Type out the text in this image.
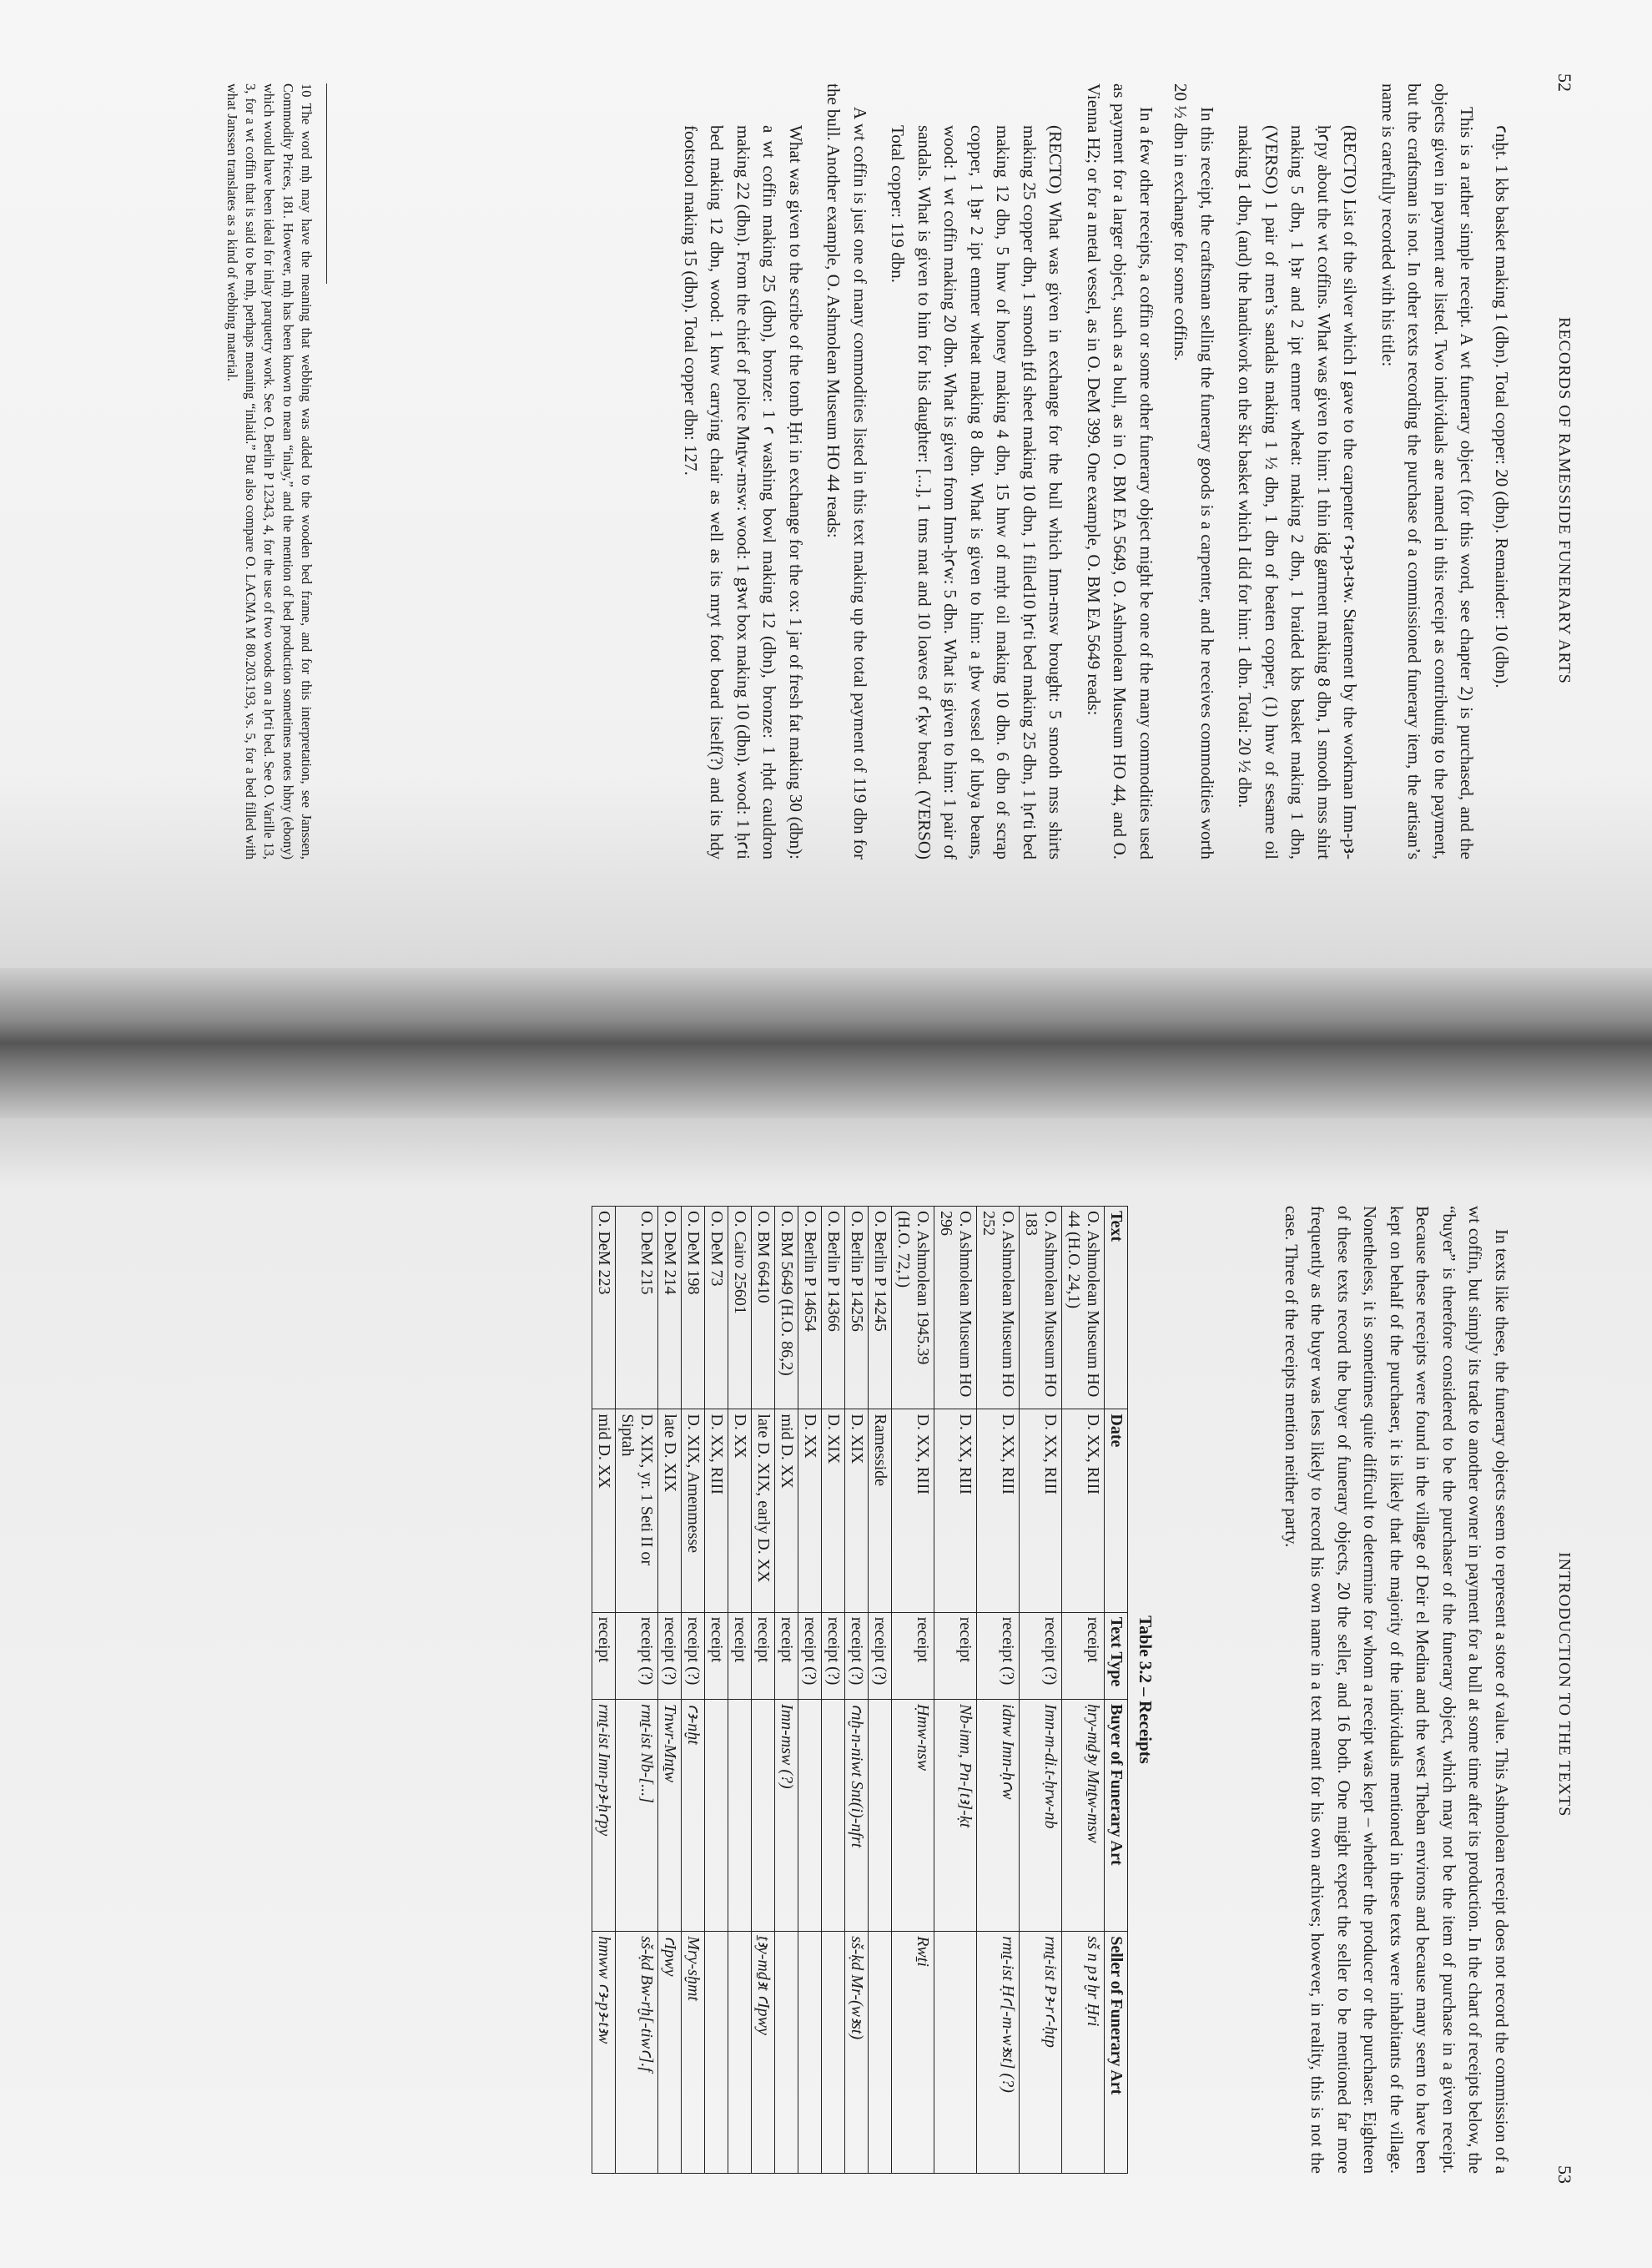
52
RECORDS OF RAMESSIDE FUNERARY ARTS

ꜥnḫt. 1 kbs basket making 1 (dbn). Total copper: 20 (dbn). Remainder: 10 (dbn).

This is a rather simple receipt. A wt funerary object (for this word, see chapter 2) is purchased, and the objects given in payment are listed. Two individuals are named in this receipt as contributing to the payment, but the craftsman is not. In other texts recording the purchase of a commissioned funerary item, the artisan’s name is carefully recorded with his title:

(RECTO) List of the silver which I gave to the carpenter ꜥꜣ-pꜣ-tꜣw. Statement by the workman Imn-pꜣ-ḥꜥpy about the wt coffins. What was given to him: 1 thin idg garment making 8 dbn, 1 smooth mss shirt making 5 dbn, 1 ḥꜣr and 2 ipt emmer wheat: making 2 dbn, 1 braided kbs basket making 1 dbn, (VERSO) 1 pair of men’s sandals making 1 ½ dbn, 1 dbn of beaten copper, (1) hnw of sesame oil making 1 dbn, (and) the handiwork on the škr basket which I did for him: 1 dbn. Total: 20 ½ dbn.

In this receipt, the craftsman selling the funerary goods is a carpenter, and he receives commodities worth 20 ½ dbn in exchange for some coffins.

In a few other receipts, a coffin or some other funerary object might be one of the many commodities used as payment for a larger object, such as a bull, as in O. BM EA 5649, O. Ashmolean Museum HO 44, and O. Vienna H2; or for a metal vessel, as in O. DeM 399. One example, O. BM EA 5649 reads:

(RECTO) What was given in exchange for the bull which Imn-msw brought: 5 smooth mss shirts making 25 copper dbn, 1 smooth ṯfd sheet making 10 dbn, 1 filled10 ḥꜥti bed making 25 dbn, 1 ḥꜥti bed making 12 dbn, 5 hnw of honey making 4 dbn, 15 hnw of mrḥt oil making 10 dbn. 6 dbn of scrap copper, 1 ḫꜣr 2 ipt emmer wheat making 8 dbn. What is given to him: a ṯbw vessel of lubya beans, wood: 1 wt coffin making 20 dbn. What is given from Imn-ḥꜥw: 5 dbn. What is given to him: 1 pair of sandals. What is given to him for his daughter: [...], 1 tms mat and 10 loaves of ꜥḳw bread. (VERSO) Total copper: 119 dbn.

A wt coffin is just one of many commodities listed in this text making up the total payment of 119 dbn for the bull. Another example, O. Ashmolean Museum HO 44 reads:

What was given to the scribe of the tomb Ḥri in exchange for the ox: 1 jar of fresh fat making 30 (dbn): a wt coffin making 25 (dbn), bronze: 1 ꜥ washing bowl making 12 (dbn), bronze: 1 rḥdt cauldron making 22 (dbn). From the chief of police Mnṯw-msw: wood: 1 gꜣwt box making 10 (dbn). wood: 1 ḥꜥti bed making 12 dbn, wood: 1 knw carrying chair as well as its mryt foot board itself(?) and its hdy footstool making 15 (dbn). Total copper dbn: 127.

10 The word mḥ may have the meaning that webbing was added to the wooden bed frame, and for this interpretation, see Janssen, Commodity Prices, 181. However, mḥ has been known to mean “inlay,” and the mention of bed production sometimes notes hbny (ebony) which would have been ideal for inlay parquetry work. See O. Berlin P 12343, 4, for the use of two woods on a ḥꜥti bed. See O. Varille 13, 3, for a wt coffin that is said to be mḥ, perhaps meaning “inlaid.” But also compare O. LACMA M 80.203.193, vs. 5, for a bed filled with what Janssen translates as a kind of webbing material.
INTRODUCTION TO THE TEXTS
53

In texts like these, the funerary objects seem to represent a store of value. This Ashmolean receipt does not record the commission of a wt coffin, but simply its trade to another owner in payment for a bull at some time after its production. In the chart of receipts below, the “buyer” is therefore considered to be the purchaser of the funerary object, which may not be the item of purchase in a given receipt. Because these receipts were found in the village of Deir el Medina and the west Theban environs and because many seem to have been kept on behalf of the purchaser, it is likely that the majority of the individuals mentioned in these texts were inhabitants of the village. Nonetheless, it is sometimes quite difficult to determine for whom a receipt was kept – whether the producer or the purchaser. Eighteen of these texts record the buyer of funerary objects, 20 the seller, and 16 both. One might expect the seller to be mentioned far more frequently as the buyer was less likely to record his own name in a text meant for his own archives; however, in reality, this is not the case. Three of the receipts mention neither party.

Table 3.2 – Receipts
Text	Date	Text Type	Buyer of Funerary Art	Seller of Funerary Art
O. Ashmolean Museum HO 44 (H.O. 24,1)	D. XX, RIII	receipt	ḥry-mḏꜣy Mnṯw-msw	sš n pꜣ ḫr Ḥri
O. Ashmolean Museum HO 183	D. XX, RIII	receipt (?)	Imn-m-di.t-ḥrw-nb	rmṯ-ist Pꜣ-rꜥ-ḥtp
O. Ashmolean Museum HO 252	D. XX, RIII	receipt (?)	idnw Imn-ḥꜥw	rmṯ-ist Ḥꜥ[-m-wꜣst] (?)
O. Ashmolean Museum HO 296	D. XX, RIII	receipt	Nb-imn, Pn-[tꜣ]-ḳt	
O. Ashmolean 1945.39 (H.O. 72,1)	D. XX, RIII	receipt	Ḥmw-nsw	Rwṯi
O. Berlin P 14245	Ramesside	receipt (?)		
O. Berlin P 14256	D. XIX	receipt (?)	ꜥnḫ-n-niwt Snt(i)-nfrt	sš-ḳd Mr-(wꜣst)
O. Berlin P 14366	D. XIX	receipt (?)		
O. Berlin P 14654	D. XX	receipt (?)		
O. BM 5649 (H.O. 86,2)	mid D. XX	receipt	Imn-msw (?)	
O. BM 66410	late D. XIX, early D. XX	receipt		ṯꜣy-mḏꜣt ꜥIpwy
O. Cairo 25601	D. XX	receipt		
O. DeM 73	D. XX, RIII	receipt		
O. DeM 198	D. XIX, Amenmesse	receipt (?)	ꜥꜣ-nḫt	Mry-sḫmt
O. DeM 214	late D. XIX	receipt (?)	Tnwr-Mnṯw	ꜥIpwy
O. DeM 215	D. XIX, yr. 1 Seti II or Siptah	receipt (?)	rmṯ-ist Nb-[...]	sš-ḳd Bw-rḫ[-tiwꜥ].f
O. DeM 223	mid D. XX	receipt	rmṯ-ist Imn-pꜣ-ḥꜥpy	hmww ꜥꜣ-pꜣ-tꜣw
